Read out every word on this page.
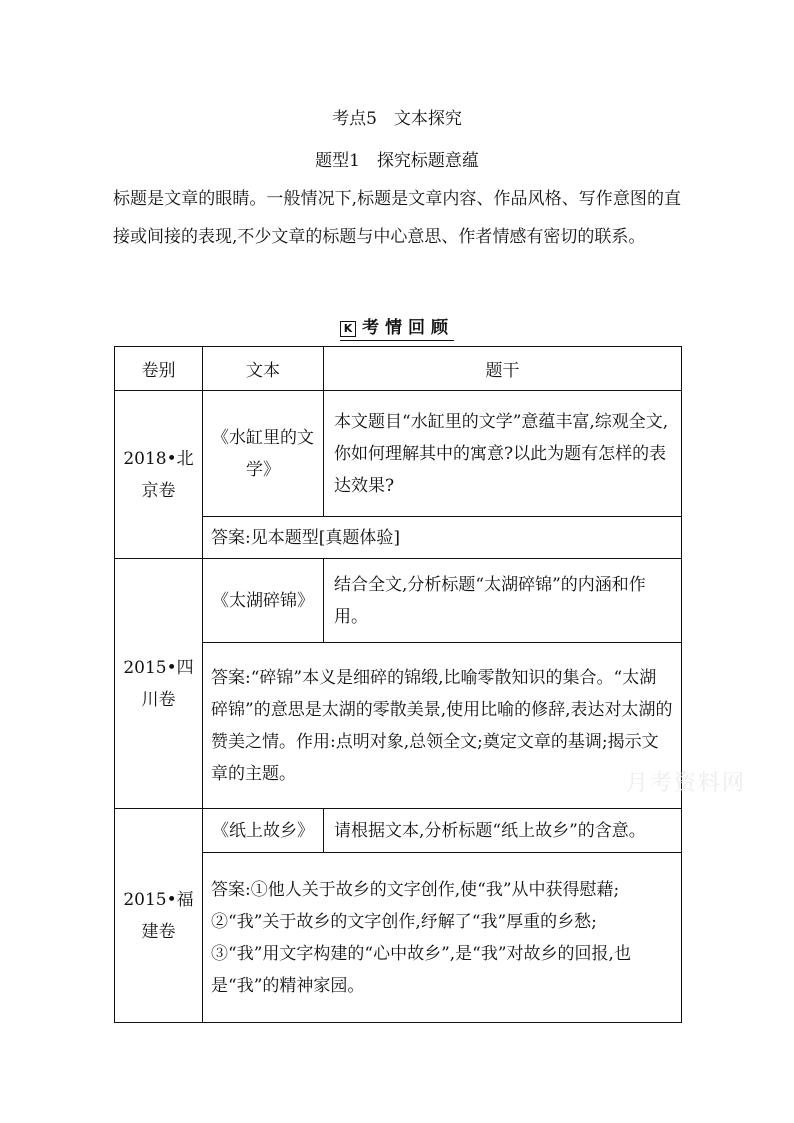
考点5　文本探究
题型1　探究标题意蕴
标题是文章的眼睛。一般情况下,标题是文章内容、作品风格、写作意图的直接或间接的表现,不少文章的标题与中心意思、作者情感有密切的联系。
K 考情回顾
卷别	文本	题干
2018•北京卷	《水缸里的文学》	本文题目“水缸里的文学”意蕴丰富,综观全文,你如何理解其中的寓意?以此为题有怎样的表达效果?
	答案:见本题型[真题体验]	
2015•四川卷	《太湖碎锦》	结合全文,分析标题“太湖碎锦”的内涵和作用。
	答案:“碎锦”本义是细碎的锦缎,比喻零散知识的集合。“太湖碎锦”的意思是太湖的零散美景,使用比喻的修辞,表达对太湖的赞美之情。作用:点明对象,总领全文;奠定文章的基调;揭示文章的主题。	
2015•福建卷	《纸上故乡》	请根据文本,分析标题“纸上故乡”的含意。

	答案:①他人关于故乡的文字创作,使“我”从中获得慰藉;
②“我”关于故乡的文字创作,纾解了“我”厚重的乡愁;
③“我”用文字构建的“心中故乡”,是“我”对故乡的回报,也是“我”的精神家园。	
月考资料网
